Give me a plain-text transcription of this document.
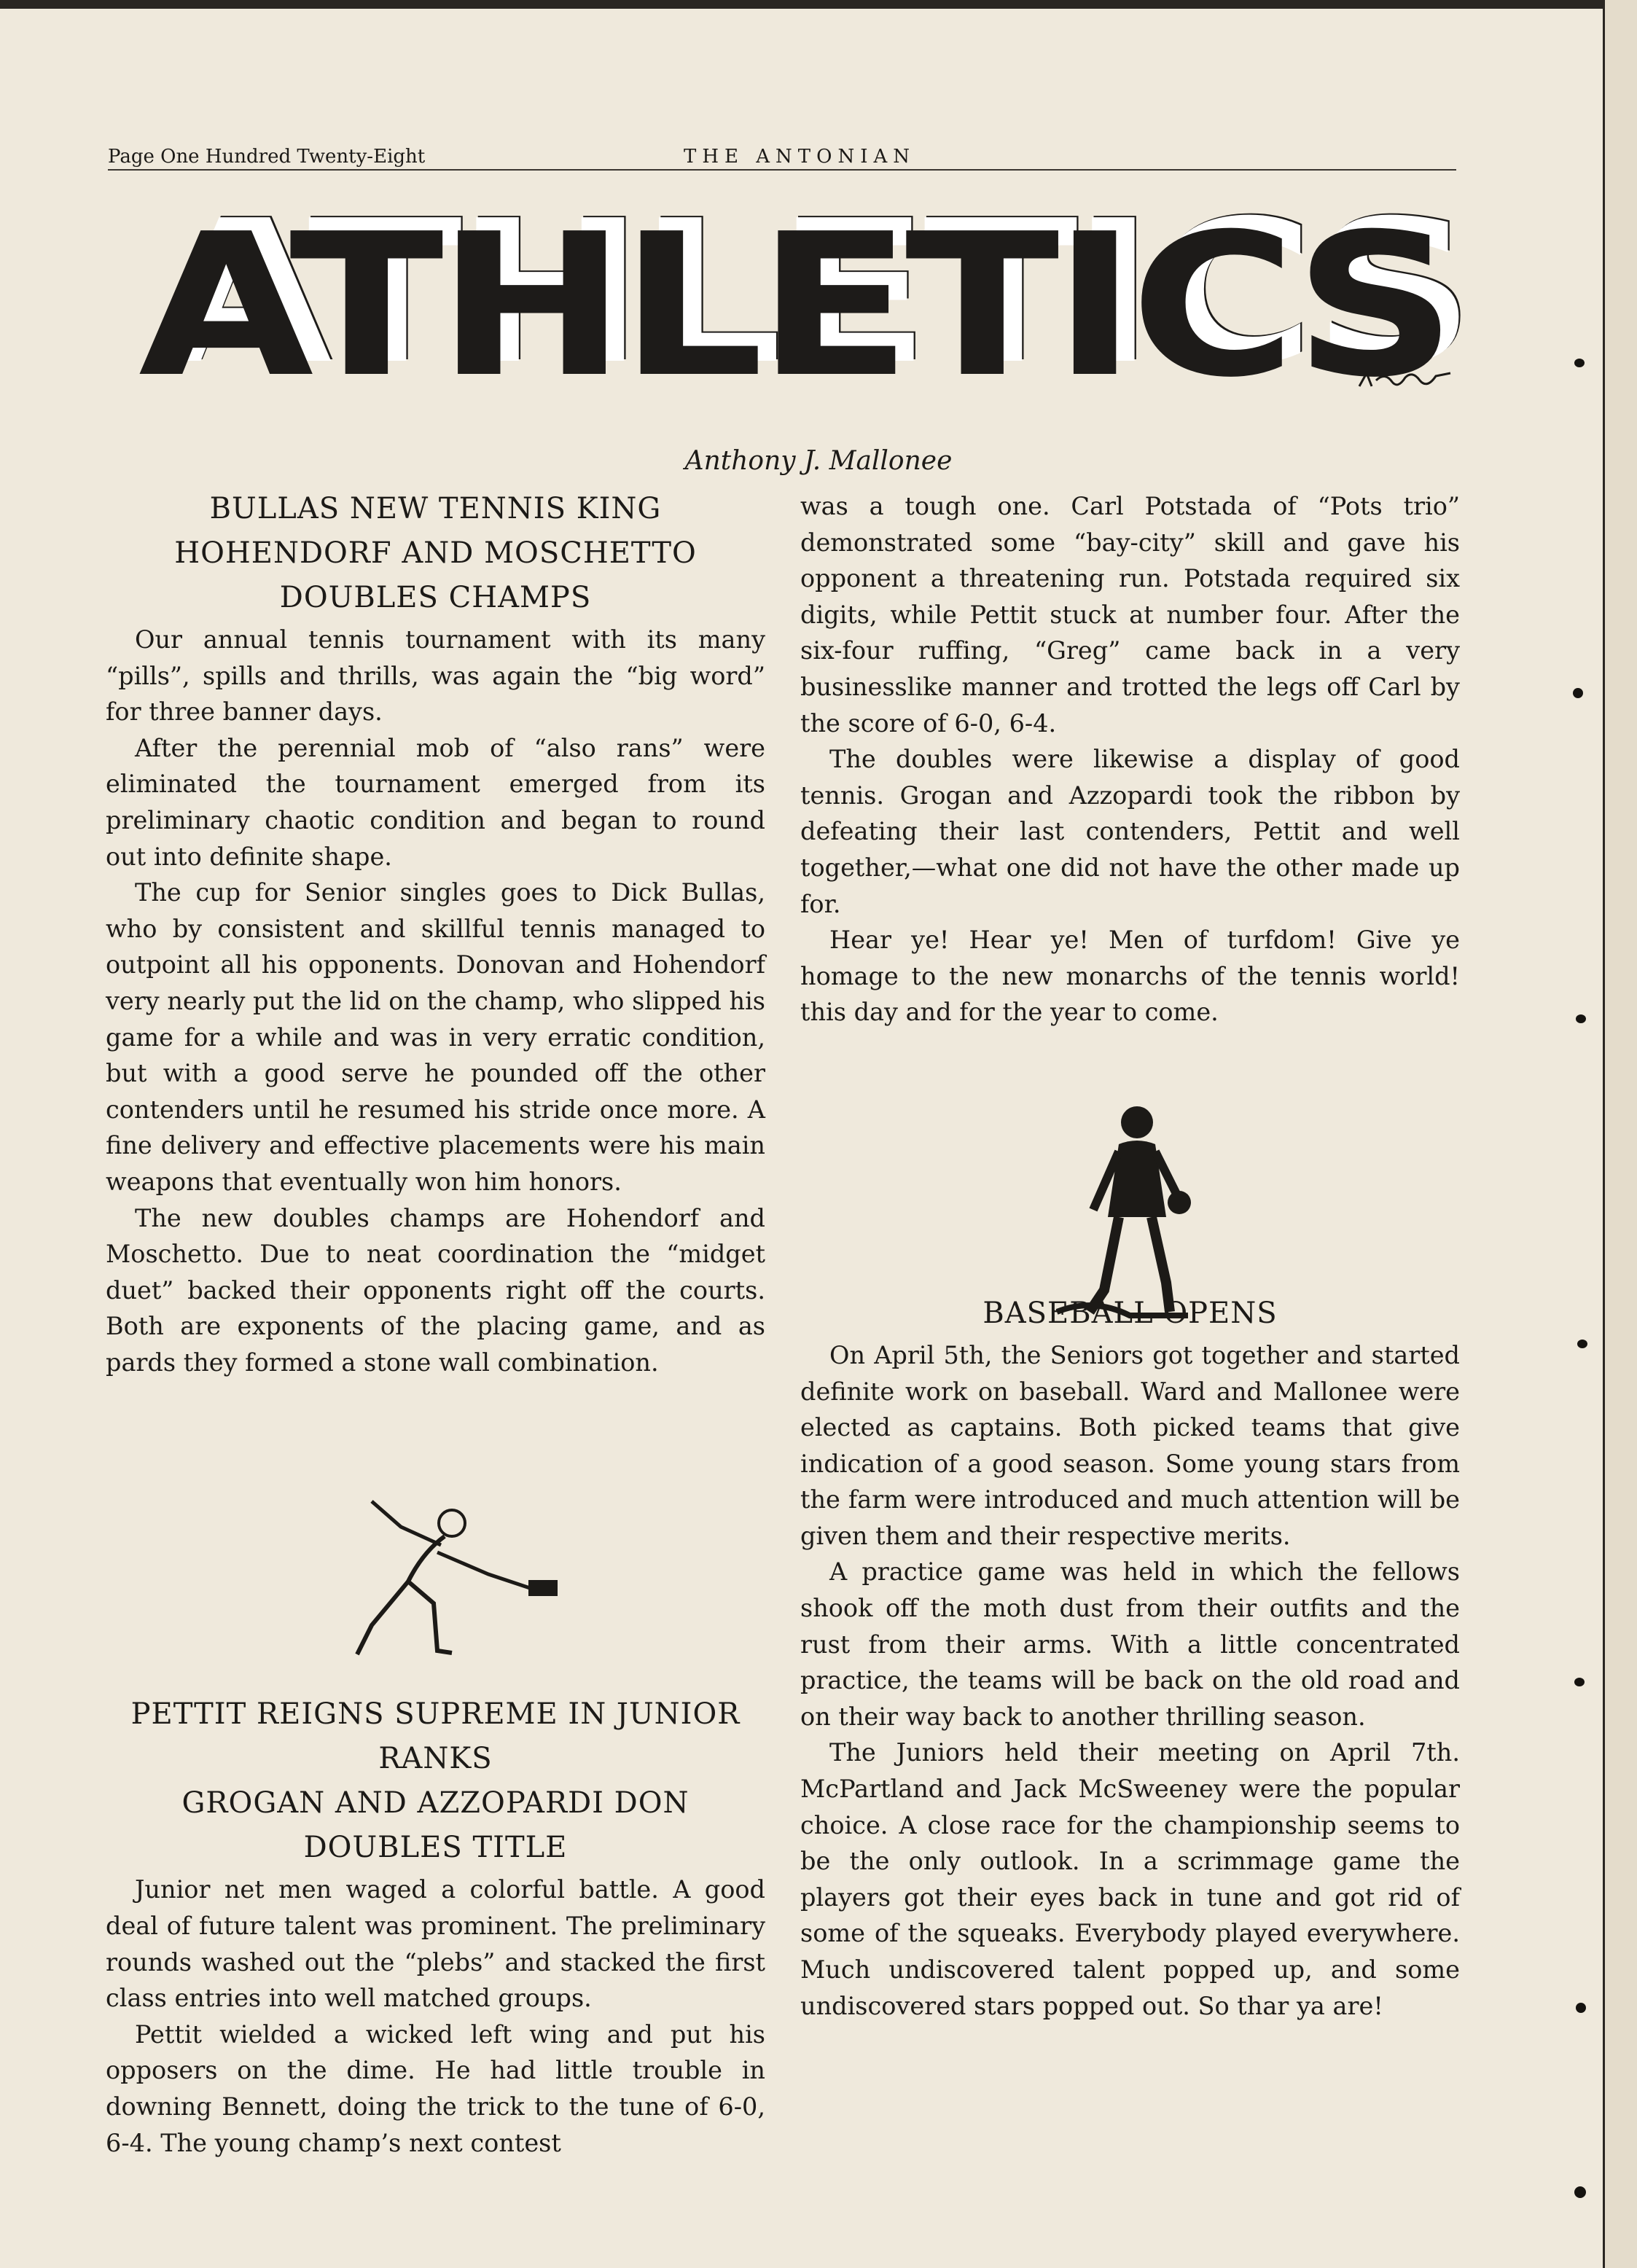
Page One Hundred Twenty-Eight	THE ANTONIAN
ATHLETICS
Anthony J. Mallonee

BULLAS NEW TENNIS KING

HOHENDORF AND MOSCHETTO

DOUBLES CHAMPS

Our annual tennis tournament with its many “pills”, spills and thrills, was again the “big word” for three banner days.

After the perennial mob of “also rans” were eliminated the tournament emerged from its preliminary chaotic condition and began to round out into definite shape.

The cup for Senior singles goes to Dick Bullas, who by consistent and skillful tennis managed to outpoint all his opponents. Donovan and Hohendorf very nearly put the lid on the champ, who slipped his game for a while and was in very erratic condition, but with a good serve he pounded off the other contenders until he resumed his stride once more. A fine delivery and effective placements were his main weapons that eventually won him honors.

The new doubles champs are Hohendorf and Moschetto. Due to neat coordination the “midget duet” backed their opponents right off the courts. Both are exponents of the placing game, and as pards they formed a stone wall combination.

PETTIT REIGNS SUPREME IN JUNIOR

RANKS

GROGAN AND AZZOPARDI DON

DOUBLES TITLE

Junior net men waged a colorful battle. A good deal of future talent was prominent. The preliminary rounds washed out the “plebs” and stacked the first class entries into well matched groups.

Pettit wielded a wicked left wing and put his opposers on the dime. He had little trouble in downing Bennett, doing the trick to the tune of 6-0, 6-4. The young champ’s next contest

was a tough one. Carl Potstada of “Pots trio” demonstrated some “bay-city” skill and gave his opponent a threatening run. Potstada required six digits, while Pettit stuck at number four. After the six-four ruffing, “Greg” came back in a very businesslike manner and trotted the legs off Carl by the score of 6-0, 6-4.

The doubles were likewise a display of good tennis. Grogan and Azzopardi took the ribbon by defeating their last contenders, Pettit and well together,—what one did not have the other made up for.

Hear ye! Hear ye! Men of turfdom! Give ye homage to the new monarchs of the tennis world! this day and for the year to come.

BASEBALL OPENS

On April 5th, the Seniors got together and started definite work on baseball. Ward and Mallonee were elected as captains. Both picked teams that give indication of a good season. Some young stars from the farm were introduced and much attention will be given them and their respective merits.

A practice game was held in which the fellows shook off the moth dust from their outfits and the rust from their arms. With a little concentrated practice, the teams will be back on the old road and on their way back to another thrilling season.

The Juniors held their meeting on April 7th. McPartland and Jack McSweeney were the popular choice. A close race for the championship seems to be the only outlook. In a scrimmage game the players got their eyes back in tune and got rid of some of the squeaks. Everybody played everywhere. Much undiscovered talent popped up, and some undiscovered stars popped out. So thar ya are!
